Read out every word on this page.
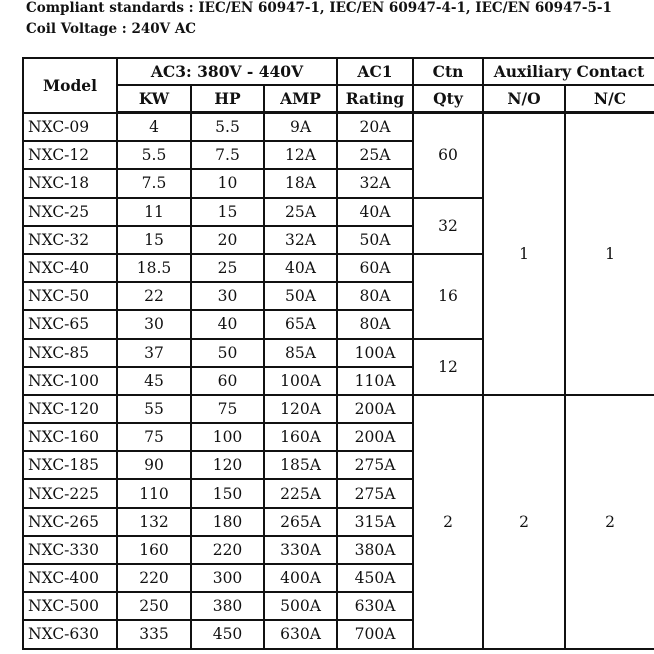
Compliant standards : IEC/EN 60947-1, IEC/EN 60947-4-1, IEC/EN 60947-5-1
Coil Voltage : 240V AC
Model	AC3: 380V - 440V			AC1	Ctn	Auxiliary Contact	
	KW	HP	AMP	Rating	Qty	N/O	N/C
NXC-09	4	5.5	9A	20A	60	1	1
NXC-12	5.5	7.5	12A	25A			
NXC-18	7.5	10	18A	32A			
NXC-25	11	15	25A	40A	32		
NXC-32	15	20	32A	50A			
NXC-40	18.5	25	40A	60A	16		
NXC-50	22	30	50A	80A			
NXC-65	30	40	65A	80A			
NXC-85	37	50	85A	100A	12		
NXC-100	45	60	100A	110A			
NXC-120	55	75	120A	200A	2	2	2
NXC-160	75	100	160A	200A			
NXC-185	90	120	185A	275A			
NXC-225	110	150	225A	275A			
NXC-265	132	180	265A	315A			
NXC-330	160	220	330A	380A			
NXC-400	220	300	400A	450A			
NXC-500	250	380	500A	630A			
NXC-630	335	450	630A	700A			
